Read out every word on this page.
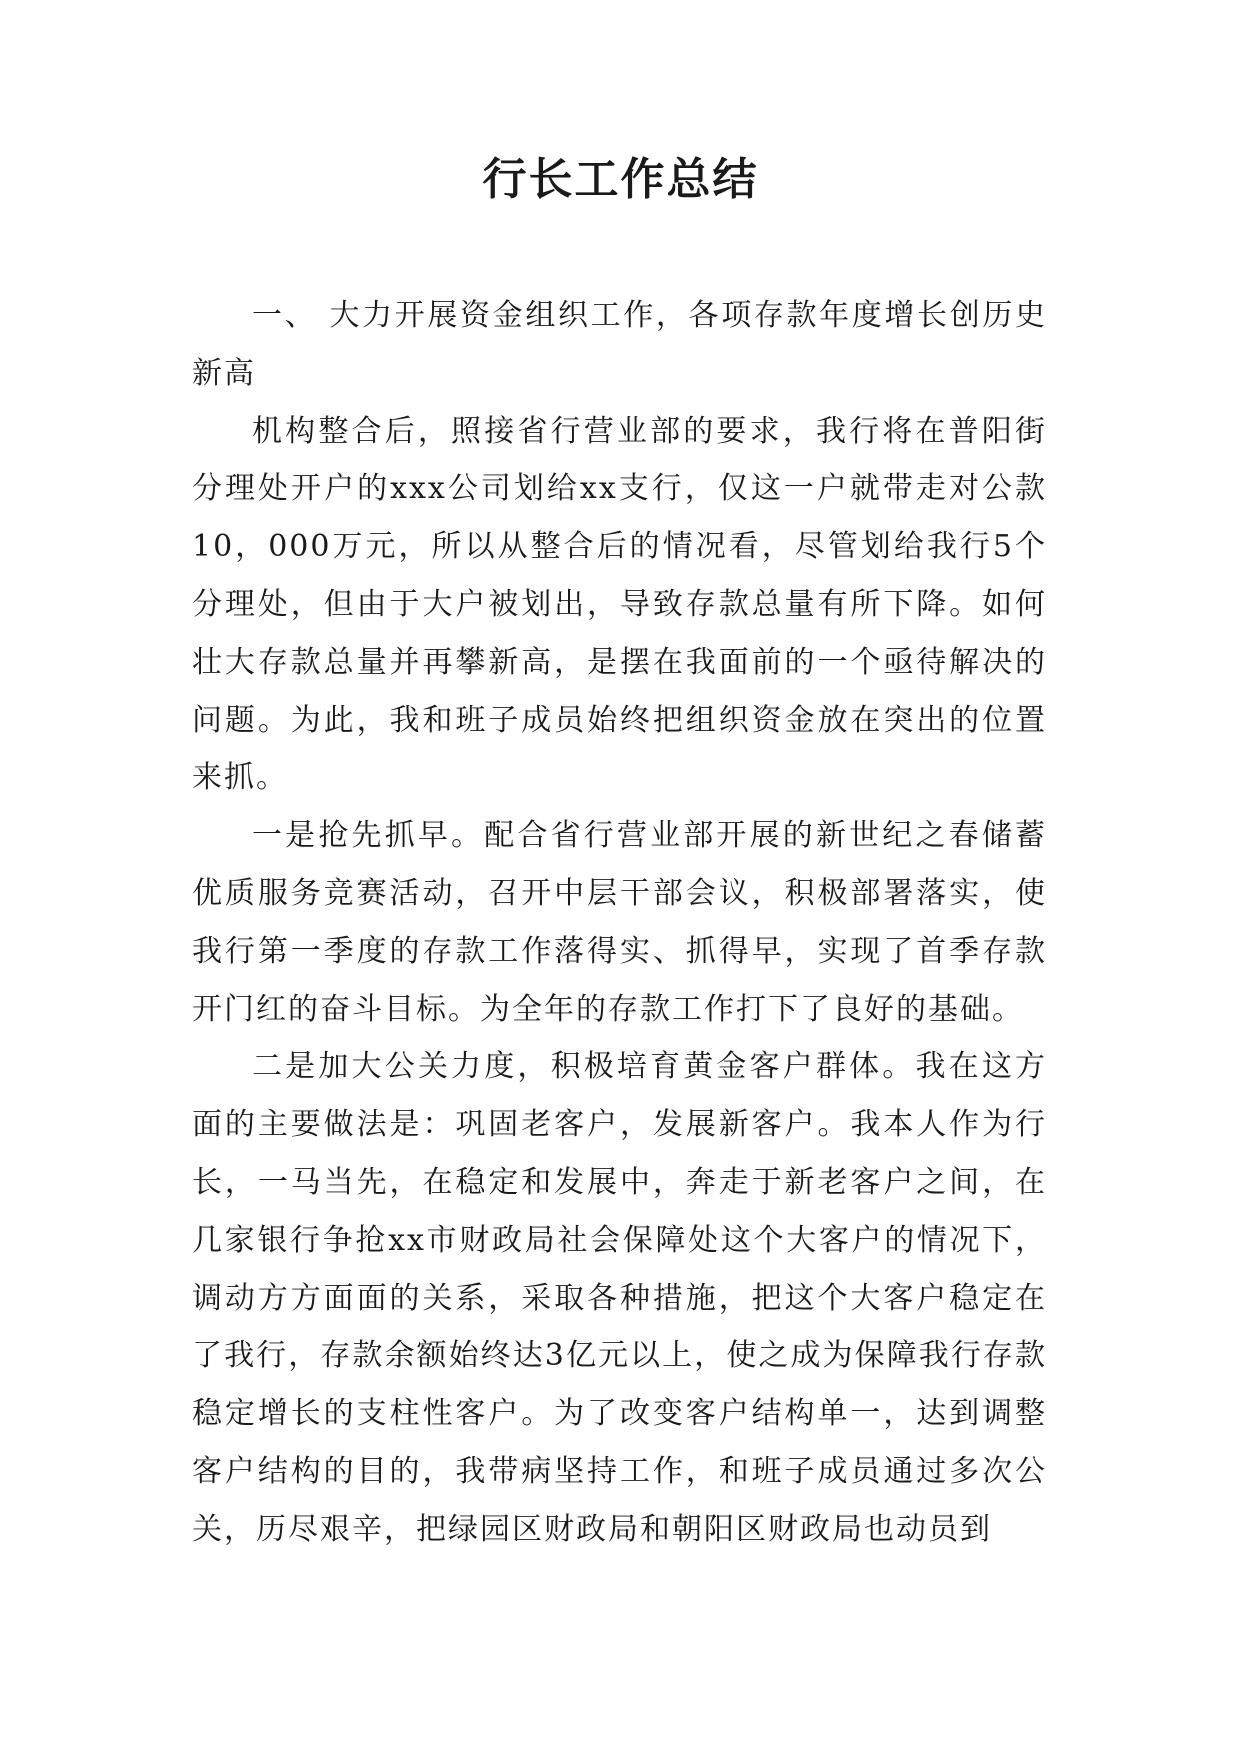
行长工作总结

一、 大力开展资金组织工作，各项存款年度增长创历史新高

机构整合后，照接省行营业部的要求，我行将在普阳街分理处开户的xxx公司划给xx支行，仅这一户就带走对公款10，000万元，所以从整合后的情况看，尽管划给我行5个分理处，但由于大户被划出，导致存款总量有所下降。如何壮大存款总量并再攀新高，是摆在我面前的一个亟待解决的问题。为此，我和班子成员始终把组织资金放在突出的位置来抓。

一是抢先抓早。配合省行营业部开展的新世纪之春储蓄优质服务竞赛活动，召开中层干部会议，积极部署落实，使我行第一季度的存款工作落得实、抓得早，实现了首季存款开门红的奋斗目标。为全年的存款工作打下了良好的基础。

二是加大公关力度，积极培育黄金客户群体。我在这方面的主要做法是：巩固老客户，发展新客户。我本人作为行长，一马当先，在稳定和发展中，奔走于新老客户之间，在几家银行争抢xx市财政局社会保障处这个大客户的情况下，调动方方面面的关系，采取各种措施，把这个大客户稳定在了我行，存款余额始终达3亿元以上，使之成为保障我行存款稳定增长的支柱性客户。为了改变客户结构单一，达到调整客户结构的目的，我带病坚持工作，和班子成员通过多次公关，历尽艰辛，把绿园区财政局和朝阳区财政局也动员到
